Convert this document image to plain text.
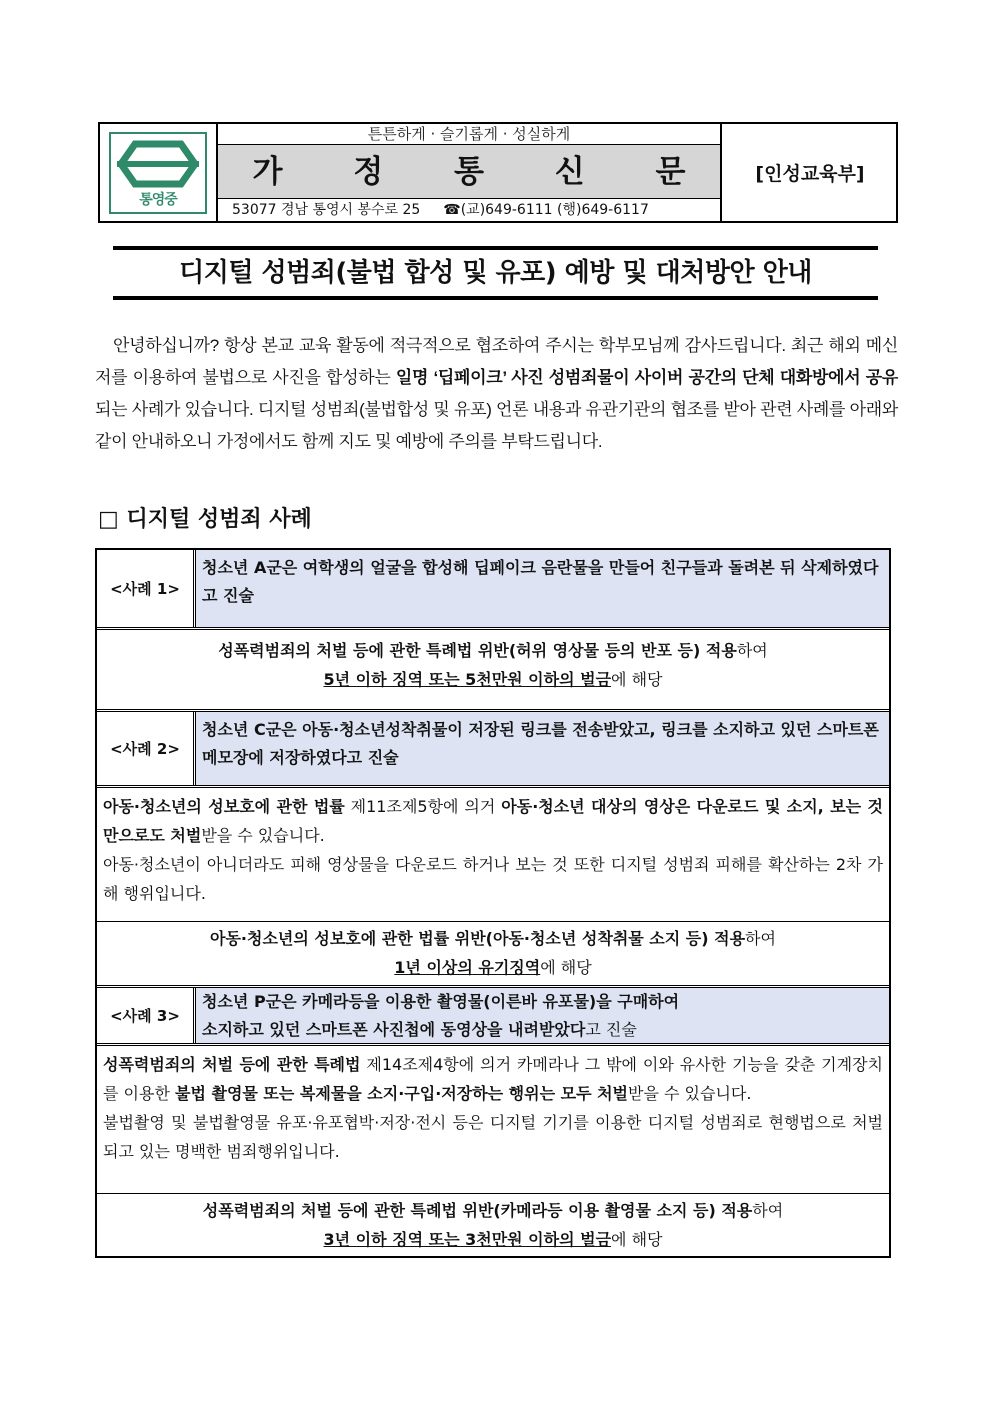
통영중
튼튼하게 · 슬기롭게 · 성실하게
가 정 통 신 문
53077 경남 통영시 봉수로 25 ☎(교)649-6111 (행)649-6117
[인성교육부]
디지털 성범죄(불법 합성 및 유포) 예방 및 대처방안 안내

안녕하십니까? 항상 본교 교육 활동에 적극적으로 협조하여 주시는 학부모님께 감사드립니다. 최근 해외 메신저를 이용하여 불법으로 사진을 합성하는 일명 ‘딥페이크’ 사진 성범죄물이 사이버 공간의 단체 대화방에서 공유되는 사례가 있습니다. 디지털 성범죄(불법합성 및 유포) 언론 내용과 유관기관의 협조를 받아 관련 사례를 아래와 같이 안내하오니 가정에서도 함께 지도 및 예방에 주의를 부탁드립니다.

□ 디지털 성범죄 사례
<사례 1>
청소년 A군은 여학생의 얼굴을 합성해 딥페이크 음란물을 만들어 친구들과 돌려본 뒤 삭제하였다고 진술
성폭력범죄의 처벌 등에 관한 특례법 위반(허위 영상물 등의 반포 등) 적용하여
5년 이하 징역 또는 5천만원 이하의 벌금에 해당
<사례 2>
청소년 C군은 아동·청소년성착취물이 저장된 링크를 전송받았고, 링크를 소지하고 있던 스마트폰 메모장에 저장하였다고 진술
아동·청소년의 성보호에 관한 법률 제11조제5항에 의거 아동·청소년 대상의 영상은 다운로드 및 소지, 보는 것만으로도 처벌받을 수 있습니다.
아동·청소년이 아니더라도 피해 영상물을 다운로드 하거나 보는 것 또한 디지털 성범죄 피해를 확산하는 2차 가해 행위입니다.
아동·청소년의 성보호에 관한 법률 위반(아동·청소년 성착취물 소지 등) 적용하여
1년 이상의 유기징역에 해당
<사례 3>
청소년 P군은 카메라등을 이용한 촬영물(이른바 유포물)을 구매하여
소지하고 있던 스마트폰 사진첩에 동영상을 내려받았다고 진술
성폭력범죄의 처벌 등에 관한 특례법 제14조제4항에 의거 카메라나 그 밖에 이와 유사한 기능을 갖춘 기계장치를 이용한 불법 촬영물 또는 복제물을 소지·구입·저장하는 행위는 모두 처벌받을 수 있습니다.
불법촬영 및 불법촬영물 유포·유포협박·저장·전시 등은 디지털 기기를 이용한 디지털 성범죄로 현행법으로 처벌되고 있는 명백한 범죄행위입니다.
성폭력범죄의 처벌 등에 관한 특례법 위반(카메라등 이용 촬영물 소지 등) 적용하여
3년 이하 징역 또는 3천만원 이하의 벌금에 해당
